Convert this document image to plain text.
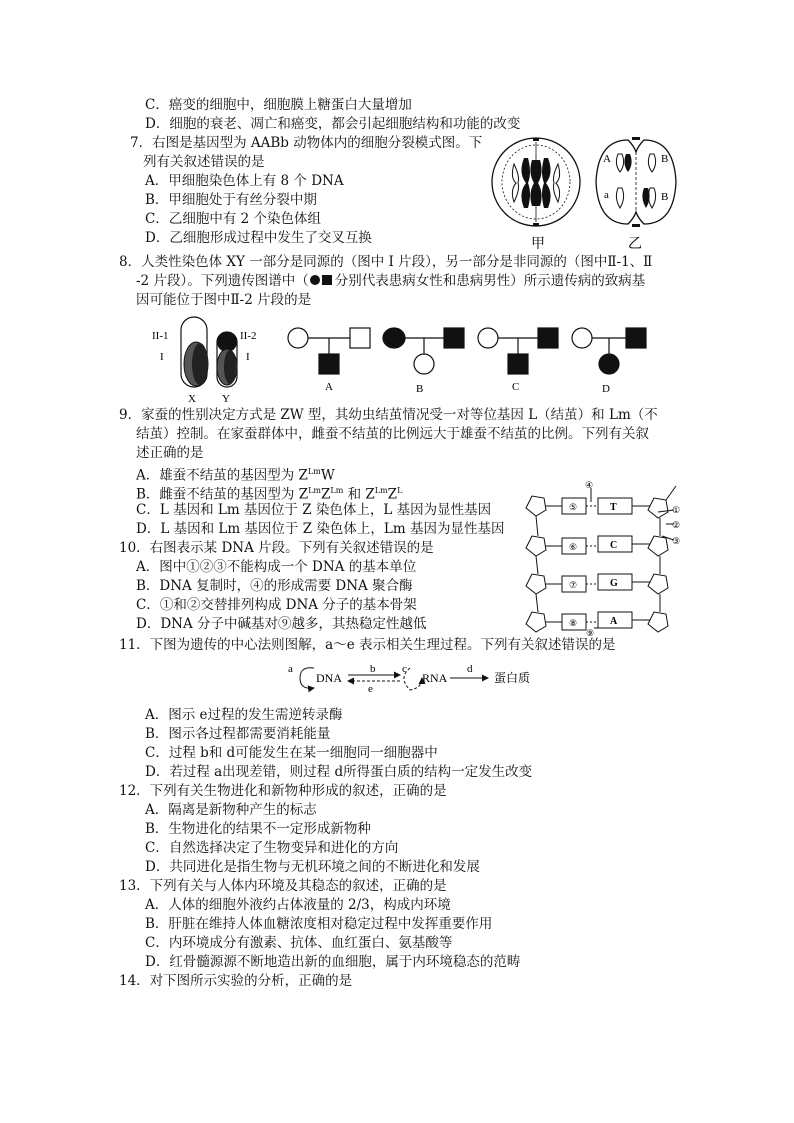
C．癌变的细胞中，细胞膜上糖蛋白大量增加
D．细胞的衰老、凋亡和癌变，都会引起细胞结构和功能的改变
7．右图是基因型为 AABb 动物体内的细胞分裂模式图。下
列有关叙述错误的是
A．甲细胞染色体上有 8 个 DNA
B．甲细胞处于有丝分裂中期
C．乙细胞中有 2 个染色体组
D．乙细胞形成过程中发生了交叉互换	甲
A	B
a	B
乙
8．人类性染色体 XY 一部分是同源的（图中 I 片段），另一部分是非同源的（图中Ⅱ-1、Ⅱ
-2 片段）。下列遗传图谱中（ 分别代表患病女性和患病男性）所示遗传病的致病基
因可能位于图中Ⅱ-2 片段的是
II-1
I
II-2
I
X Y
A	B	C	D
9．家蚕的性别决定方式是 ZW 型，其幼虫结茧情况受一对等位基因 L（结茧）和 Lm（不
结茧）控制。在家蚕群体中，雌蚕不结茧的比例远大于雄蚕不结茧的比例。下列有关叙
述正确的是
A．雄蚕不结茧的基因型为 $Z^{Lm}W$
B．雌蚕不结茧的基因型为 $Z^{Lm}Z^{Lm}$ 和 $Z^{Lm}Z^L$
C．L 基因和 Lm 基因位于 Z 染色体上，L 基因为显性基因
D．L 基因和 Lm 基因位于 Z 染色体上，Lm 基因为显性基因
10．右图表示某 DNA 片段。下列有关叙述错误的是
A．图中①②③不能构成一个 DNA 的基本单位
B．DNA 复制时，④的形成需要 DNA 聚合酶
C．①和②交替排列构成 DNA 分子的基本骨架
D．DNA 分子中碱基对⑨越多，其热稳定性越低
④
①
②
③
⑤
⑥
⑦
⑧
⑨
T
C
G
A
11．下图为遗传的中心法则图解，a～e 表示相关生理过程。下列有关叙述错误的是
a
DNA
b
e
c
RNA
d
蛋白质
A．图示 e过程的发生需逆转录酶
B．图示各过程都需要消耗能量
C．过程 b和 d可能发生在某一细胞同一细胞器中
D．若过程 a出现差错，则过程 d所得蛋白质的结构一定发生改变
12．下列有关生物进化和新物种形成的叙述，正确的是
A．隔离是新物种产生的标志
B．生物进化的结果不一定形成新物种
C．自然选择决定了生物变异和进化的方向
D．共同进化是指生物与无机环境之间的不断进化和发展
13．下列有关与人体内环境及其稳态的叙述，正确的是
A．人体的细胞外液约占体液量的 2/3，构成内环境
B．肝脏在维持人体血糖浓度相对稳定过程中发挥重要作用
C．内环境成分有激素、抗体、血红蛋白、氨基酸等
D．红骨髓源源不断地造出新的血细胞，属于内环境稳态的范畴
14．对下图所示实验的分析，正确的是
